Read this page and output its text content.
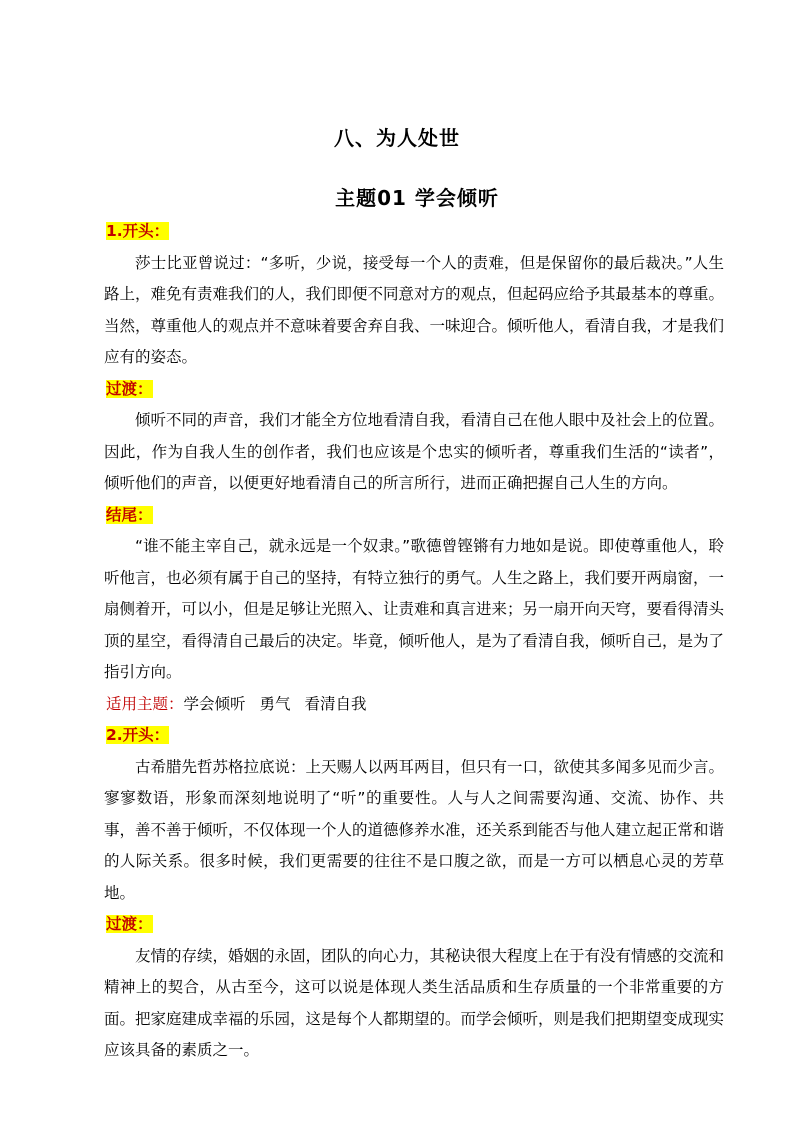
八、为人处世
主题01 学会倾听

1.开头：

莎士比亚曾说过：“多听，少说，接受每一个人的责难，但是保留你的最后裁决。”人生路上，难免有责难我们的人，我们即便不同意对方的观点，但起码应给予其最基本的尊重。当然，尊重他人的观点并不意味着要舍弃自我、一味迎合。倾听他人，看清自我，才是我们应有的姿态。

过渡：

倾听不同的声音，我们才能全方位地看清自我，看清自己在他人眼中及社会上的位置。因此，作为自我人生的创作者，我们也应该是个忠实的倾听者，尊重我们生活的“读者”，倾听他们的声音，以便更好地看清自己的所言所行，进而正确把握自己人生的方向。

结尾：

“谁不能主宰自己，就永远是一个奴隶。”歌德曾铿锵有力地如是说。即使尊重他人，聆听他言，也必须有属于自己的坚持，有特立独行的勇气。人生之路上，我们要开两扇窗，一扇侧着开，可以小，但是足够让光照入、让责难和真言进来；另一扇开向天穹，要看得清头顶的星空，看得清自己最后的决定。毕竟，倾听他人，是为了看清自我，倾听自己，是为了指引方向。

适用主题：学会倾听 勇气 看清自我

2.开头：

古希腊先哲苏格拉底说：上天赐人以两耳两目，但只有一口，欲使其多闻多见而少言。寥寥数语，形象而深刻地说明了“听”的重要性。人与人之间需要沟通、交流、协作、共事，善不善于倾听，不仅体现一个人的道德修养水准，还关系到能否与他人建立起正常和谐的人际关系。很多时候，我们更需要的往往不是口腹之欲，而是一方可以栖息心灵的芳草地。

过渡：

友情的存续，婚姻的永固，团队的向心力，其秘诀很大程度上在于有没有情感的交流和精神上的契合，从古至今，这可以说是体现人类生活品质和生存质量的一个非常重要的方面。把家庭建成幸福的乐园，这是每个人都期望的。而学会倾听，则是我们把期望变成现实应该具备的素质之一。
